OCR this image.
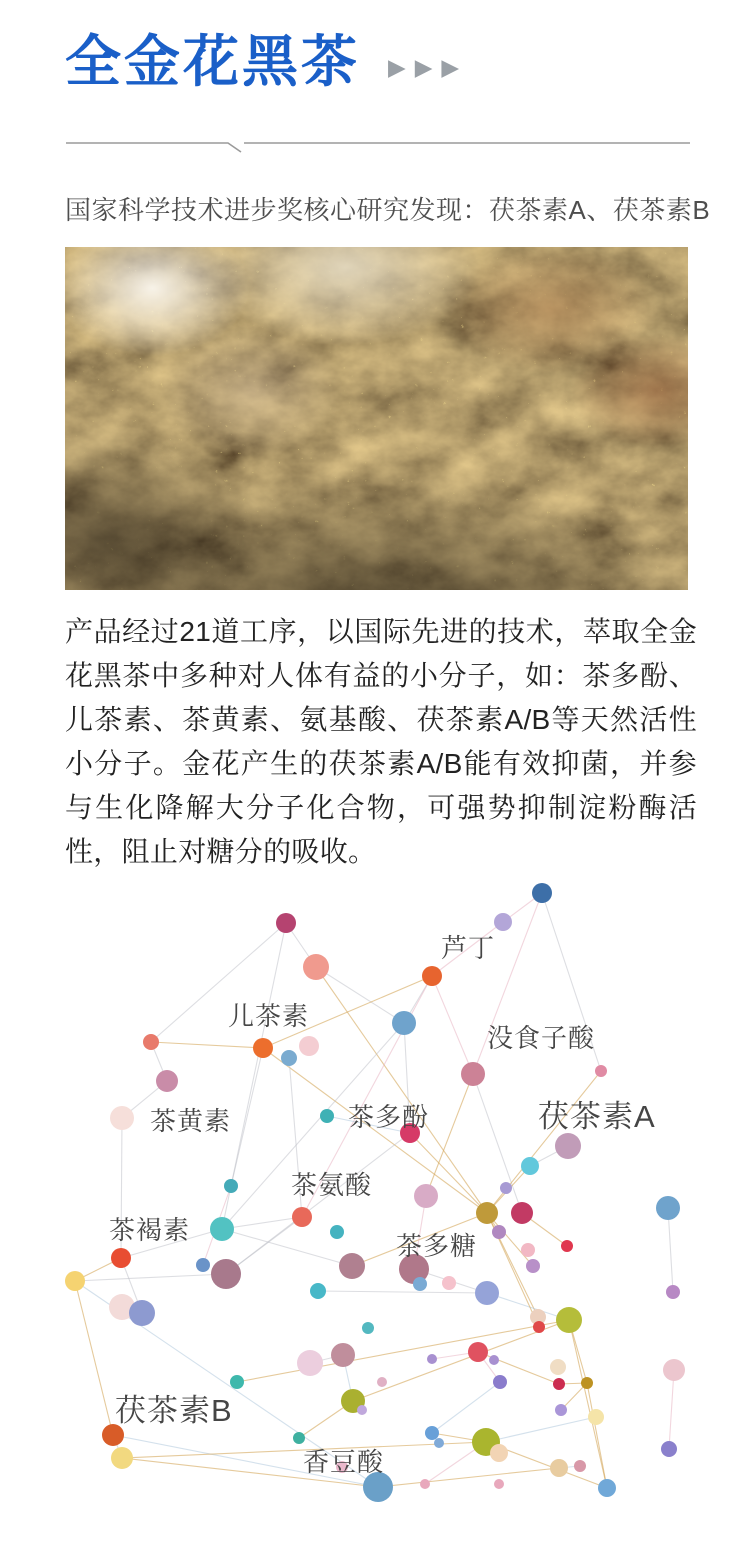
全金花黑茶 ▶▶▶

国家科学技术进步奖核心研究发现：茯茶素A、茯茶素B

产品经过21道工序，以国际先进的技术，萃取全金花黑茶中多种对人体有益的小分子，如：茶多酚、儿茶素、茶黄素、氨基酸、茯茶素A/B等天然活性小分子。金花产生的茯茶素A/B能有效抑菌，并参与生化降解大分子化合物，可强势抑制淀粉酶活性，阻止对糖分的吸收。

芦丁
儿茶素
没食子酸
茶黄素	茶多酚	茯茶素A
茶氨酸
茶褐素
茶多糖
茯茶素B
香豆酸
